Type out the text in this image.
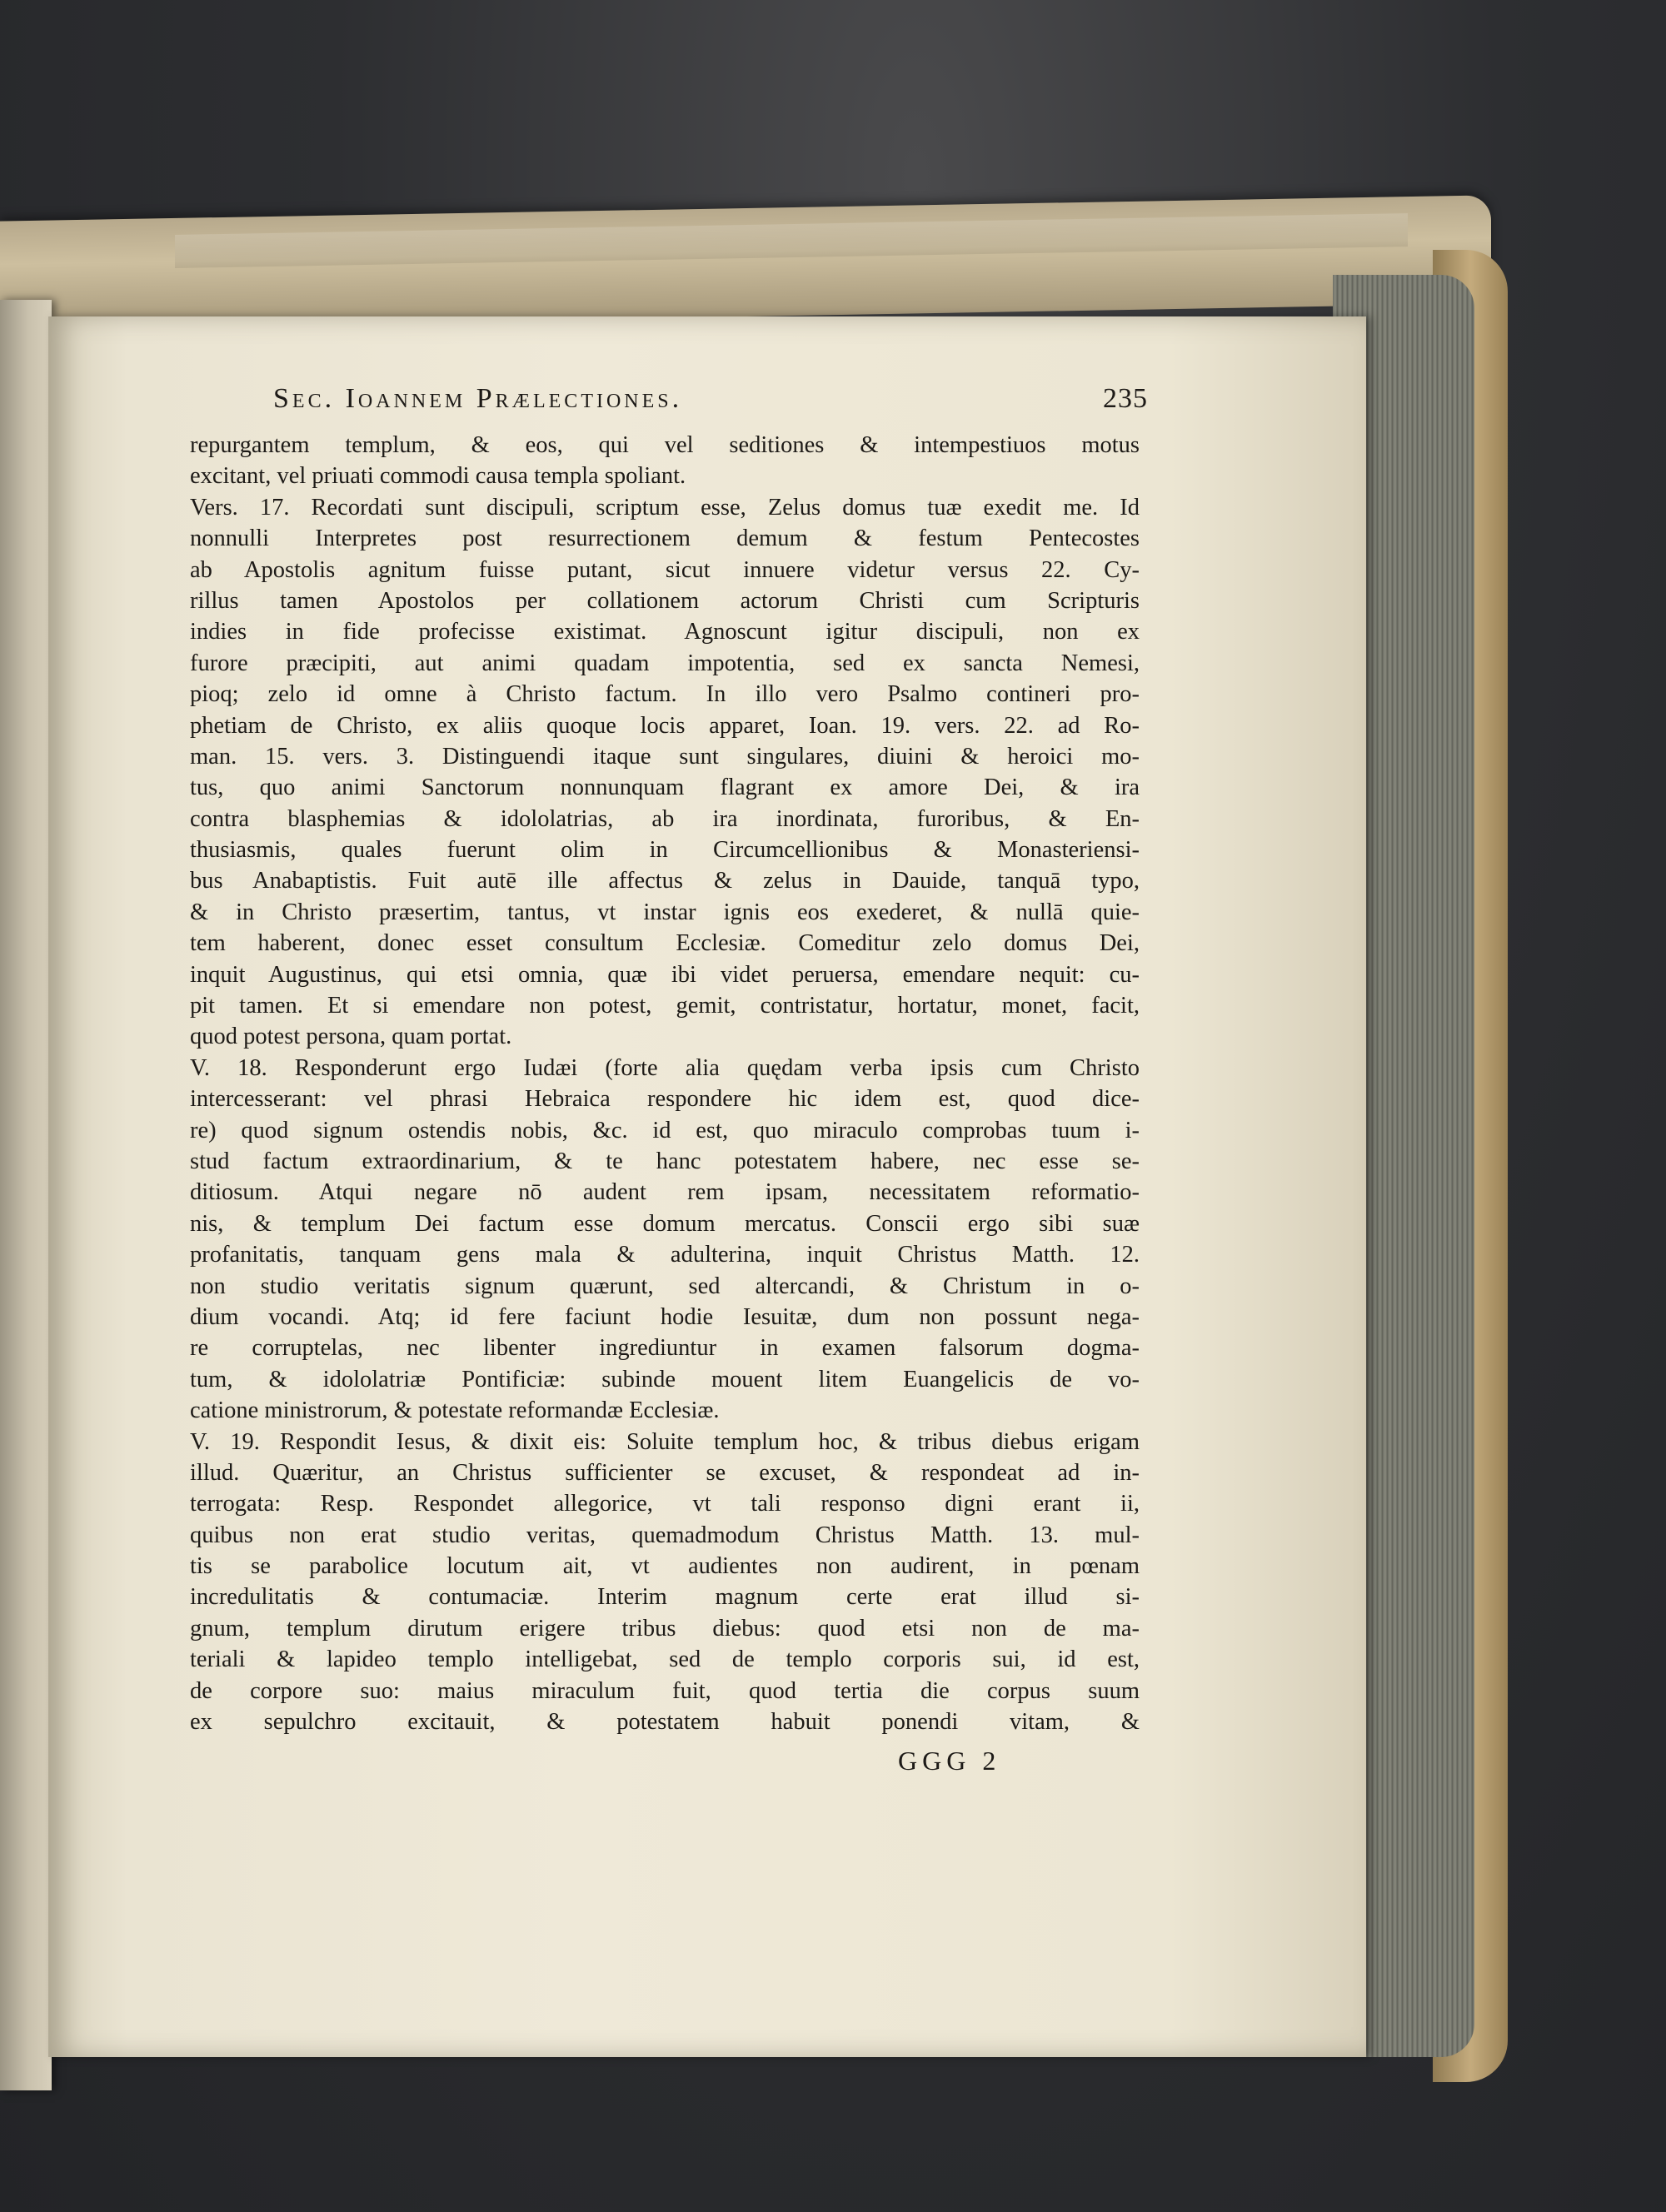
Sec. Ioannem Prælectiones.	235
repurgantem templum, & eos, qui vel seditiones & intempestiuos motus
excitant, vel priuati commodi causa templa spoliant.
Vers. 17. Recordati sunt discipuli, scriptum esse, Zelus domus tuæ exedit me. Id
nonnulli Interpretes post resurrectionem demum & festum Pentecostes
ab Apostolis agnitum fuisse putant, sicut innuere videtur versus 22. Cy-
rillus tamen Apostolos per collationem actorum Christi cum Scripturis
indies in fide profecisse existimat. Agnoscunt igitur discipuli, non ex
furore præcipiti, aut animi quadam impotentia, sed ex sancta Nemesi,
pioq; zelo id omne à Christo factum. In illo vero Psalmo contineri pro-
phetiam de Christo, ex aliis quoque locis apparet, Ioan. 19. vers. 22. ad Ro-
man. 15. vers. 3. Distinguendi itaque sunt singulares, diuini & heroici mo-
tus, quo animi Sanctorum nonnunquam flagrant ex amore Dei, & ira
contra blasphemias & idololatrias, ab ira inordinata, furoribus, & En-
thusiasmis, quales fuerunt olim in Circumcellionibus & Monasteriensi-
bus Anabaptistis. Fuit autē ille affectus & zelus in Dauide, tanquā typo,
& in Christo præsertim, tantus, vt instar ignis eos exederet, & nullā quie-
tem haberent, donec esset consultum Ecclesiæ. Comeditur zelo domus Dei,
inquit Augustinus, qui etsi omnia, quæ ibi videt peruersa, emendare nequit: cu-
pit tamen. Et si emendare non potest, gemit, contristatur, hortatur, monet, facit,
quod potest persona, quam portat.
V. 18. Responderunt ergo Iudæi (forte alia quędam verba ipsis cum Christo
intercesserant: vel phrasi Hebraica respondere hic idem est, quod dice-
re) quod signum ostendis nobis, &c. id est, quo miraculo comprobas tuum i-
stud factum extraordinarium, & te hanc potestatem habere, nec esse se-
ditiosum. Atqui negare nō audent rem ipsam, necessitatem reformatio-
nis, & templum Dei factum esse domum mercatus. Conscii ergo sibi suæ
profanitatis, tanquam gens mala & adulterina, inquit Christus Matth. 12.
non studio veritatis signum quærunt, sed altercandi, & Christum in o-
dium vocandi. Atq; id fere faciunt hodie Iesuitæ, dum non possunt nega-
re corruptelas, nec libenter ingrediuntur in examen falsorum dogma-
tum, & idololatriæ Pontificiæ: subinde mouent litem Euangelicis de vo-
catione ministrorum, & potestate reformandæ Ecclesiæ.
V. 19. Respondit Iesus, & dixit eis: Soluite templum hoc, & tribus diebus erigam
illud. Quæritur, an Christus sufficienter se excuset, & respondeat ad in-
terrogata: Resp. Respondet allegorice, vt tali responso digni erant ii,
quibus non erat studio veritas, quemadmodum Christus Matth. 13. mul-
tis se parabolice locutum ait, vt audientes non audirent, in pœnam
incredulitatis & contumaciæ. Interim magnum certe erat illud si-
gnum, templum dirutum erigere tribus diebus: quod etsi non de ma-
teriali & lapideo templo intelligebat, sed de templo corporis sui, id est,
de corpore suo: maius miraculum fuit, quod tertia die corpus suum
ex sepulchro excitauit, & potestatem habuit ponendi vitam, &
GGG 2
